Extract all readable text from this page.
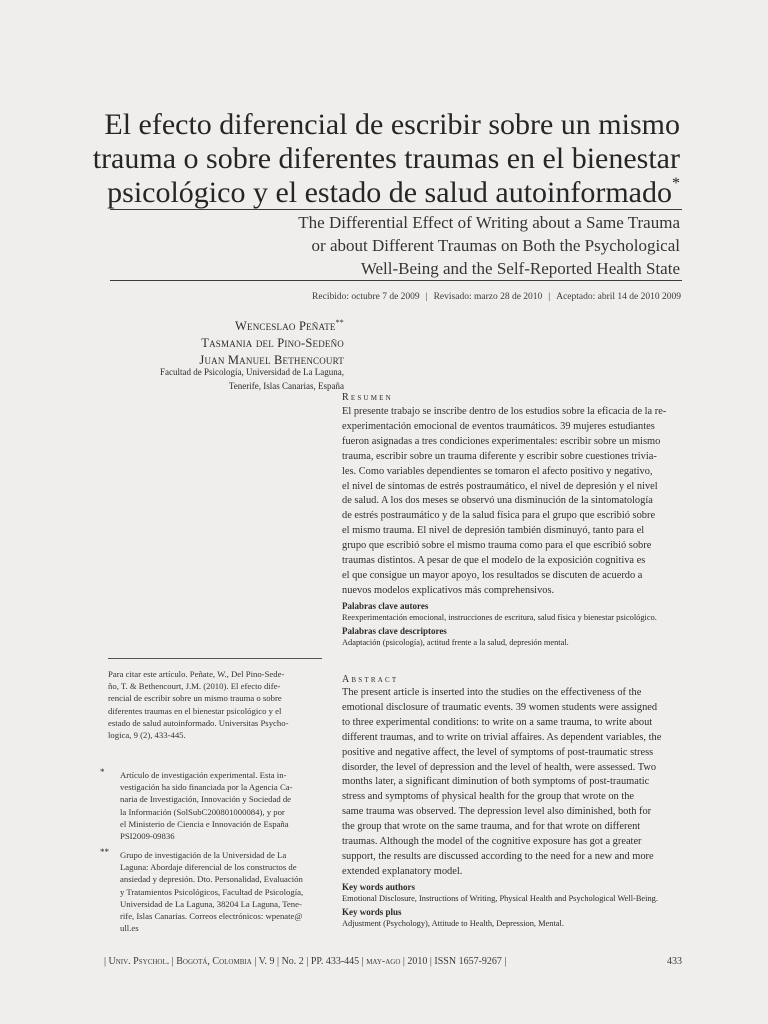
El efecto diferencial de escribir sobre un mismo
trauma o sobre diferentes traumas en el bienestar
psicológico y el estado de salud autoinformado*
The Differential Effect of Writing about a Same Trauma
or about Different Traumas on Both the Psychological
Well-Being and the Self-Reported Health State
Recibido: octubre 7 de 2009 | Revisado: marzo 28 de 2010 | Aceptado: abril 14 de 2010 2009
Wenceslao Peñate**
Tasmania del Pino-Sedeño
Juan Manuel Bethencourt
Facultad de Psicología, Universidad de La Laguna,
Tenerife, Islas Canarias, España
Resumen
El presente trabajo se inscribe dentro de los estudios sobre la eficacia de la re-
experimentación emocional de eventos traumáticos. 39 mujeres estudiantes
fueron asignadas a tres condiciones experimentales: escribir sobre un mismo
trauma, escribir sobre un trauma diferente y escribir sobre cuestiones trivia-
les. Como variables dependientes se tomaron el afecto positivo y negativo,
el nivel de síntomas de estrés postraumático, el nivel de depresión y el nivel
de salud. A los dos meses se observó una disminución de la sintomatología
de estrés postraumático y de la salud física para el grupo que escribió sobre
el mismo trauma. El nivel de depresión también disminuyó, tanto para el
grupo que escribió sobre el mismo trauma como para el que escribió sobre
traumas distintos. A pesar de que el modelo de la exposición cognitiva es
el que consigue un mayor apoyo, los resultados se discuten de acuerdo a
nuevos modelos explicativos más comprehensivos.
Palabras clave autores
Reexperimentación emocional, instrucciones de escritura, salud física y bienestar psicológico.
Palabras clave descriptores
Adaptación (psicología), actitud frente a la salud, depresión mental.
Abstract
The present article is inserted into the studies on the effectiveness of the
emotional disclosure of traumatic events. 39 women students were assigned
to three experimental conditions: to write on a same trauma, to write about
different traumas, and to write on trivial affaires. As dependent variables, the
positive and negative affect, the level of symptoms of post-traumatic stress
disorder, the level of depression and the level of health, were assessed. Two
months later, a significant diminution of both symptoms of post-traumatic
stress and symptoms of physical health for the group that wrote on the
same trauma was observed. The depression level also diminished, both for
the group that wrote on the same trauma, and for that wrote on different
traumas. Although the model of the cognitive exposure has got a greater
support, the results are discussed according to the need for a new and more
extended explanatory model.
Key words authors
Emotional Disclosure, Instructions of Writing, Physical Health and Psychological Well-Being.
Key words plus
Adjustment (Psychology), Attitude to Health, Depression, Mental.
Para citar este artículo. Peñate, W., Del Pino-Sede-
ño, T. & Bethencourt, J.M. (2010). El efecto dife-
rencial de escribir sobre un mismo trauma o sobre
diferentes traumas en el bienestar psicológico y el
estado de salud autoinformado. Universitas Psycho-
logica, 9 (2), 433-445.
* Artículo de investigación experimental. Esta in-
vestigación ha sido financiada por la Agencia Ca-
naria de Investigación, Innovación y Sociedad de
la Información (SolSubC200801000084), y por
el Ministerio de Ciencia e Innovación de España
PSI2009-09836
** Grupo de investigación de la Universidad de La
Laguna: Abordaje diferencial de los constructos de
ansiedad y depresión. Dto. Personalidad, Evaluación
y Tratamientos Psicológicos, Facultad de Psicología,
Universidad de La Laguna, 38204 La Laguna, Tene-
rife, Islas Canarias. Correos electrónicos: wpenate@
ull.es
| Univ. Psychol. | Bogotá, Colombia | V. 9 | No. 2 | PP. 433-445 | may-ago | 2010 | ISSN 1657-9267 |	433
